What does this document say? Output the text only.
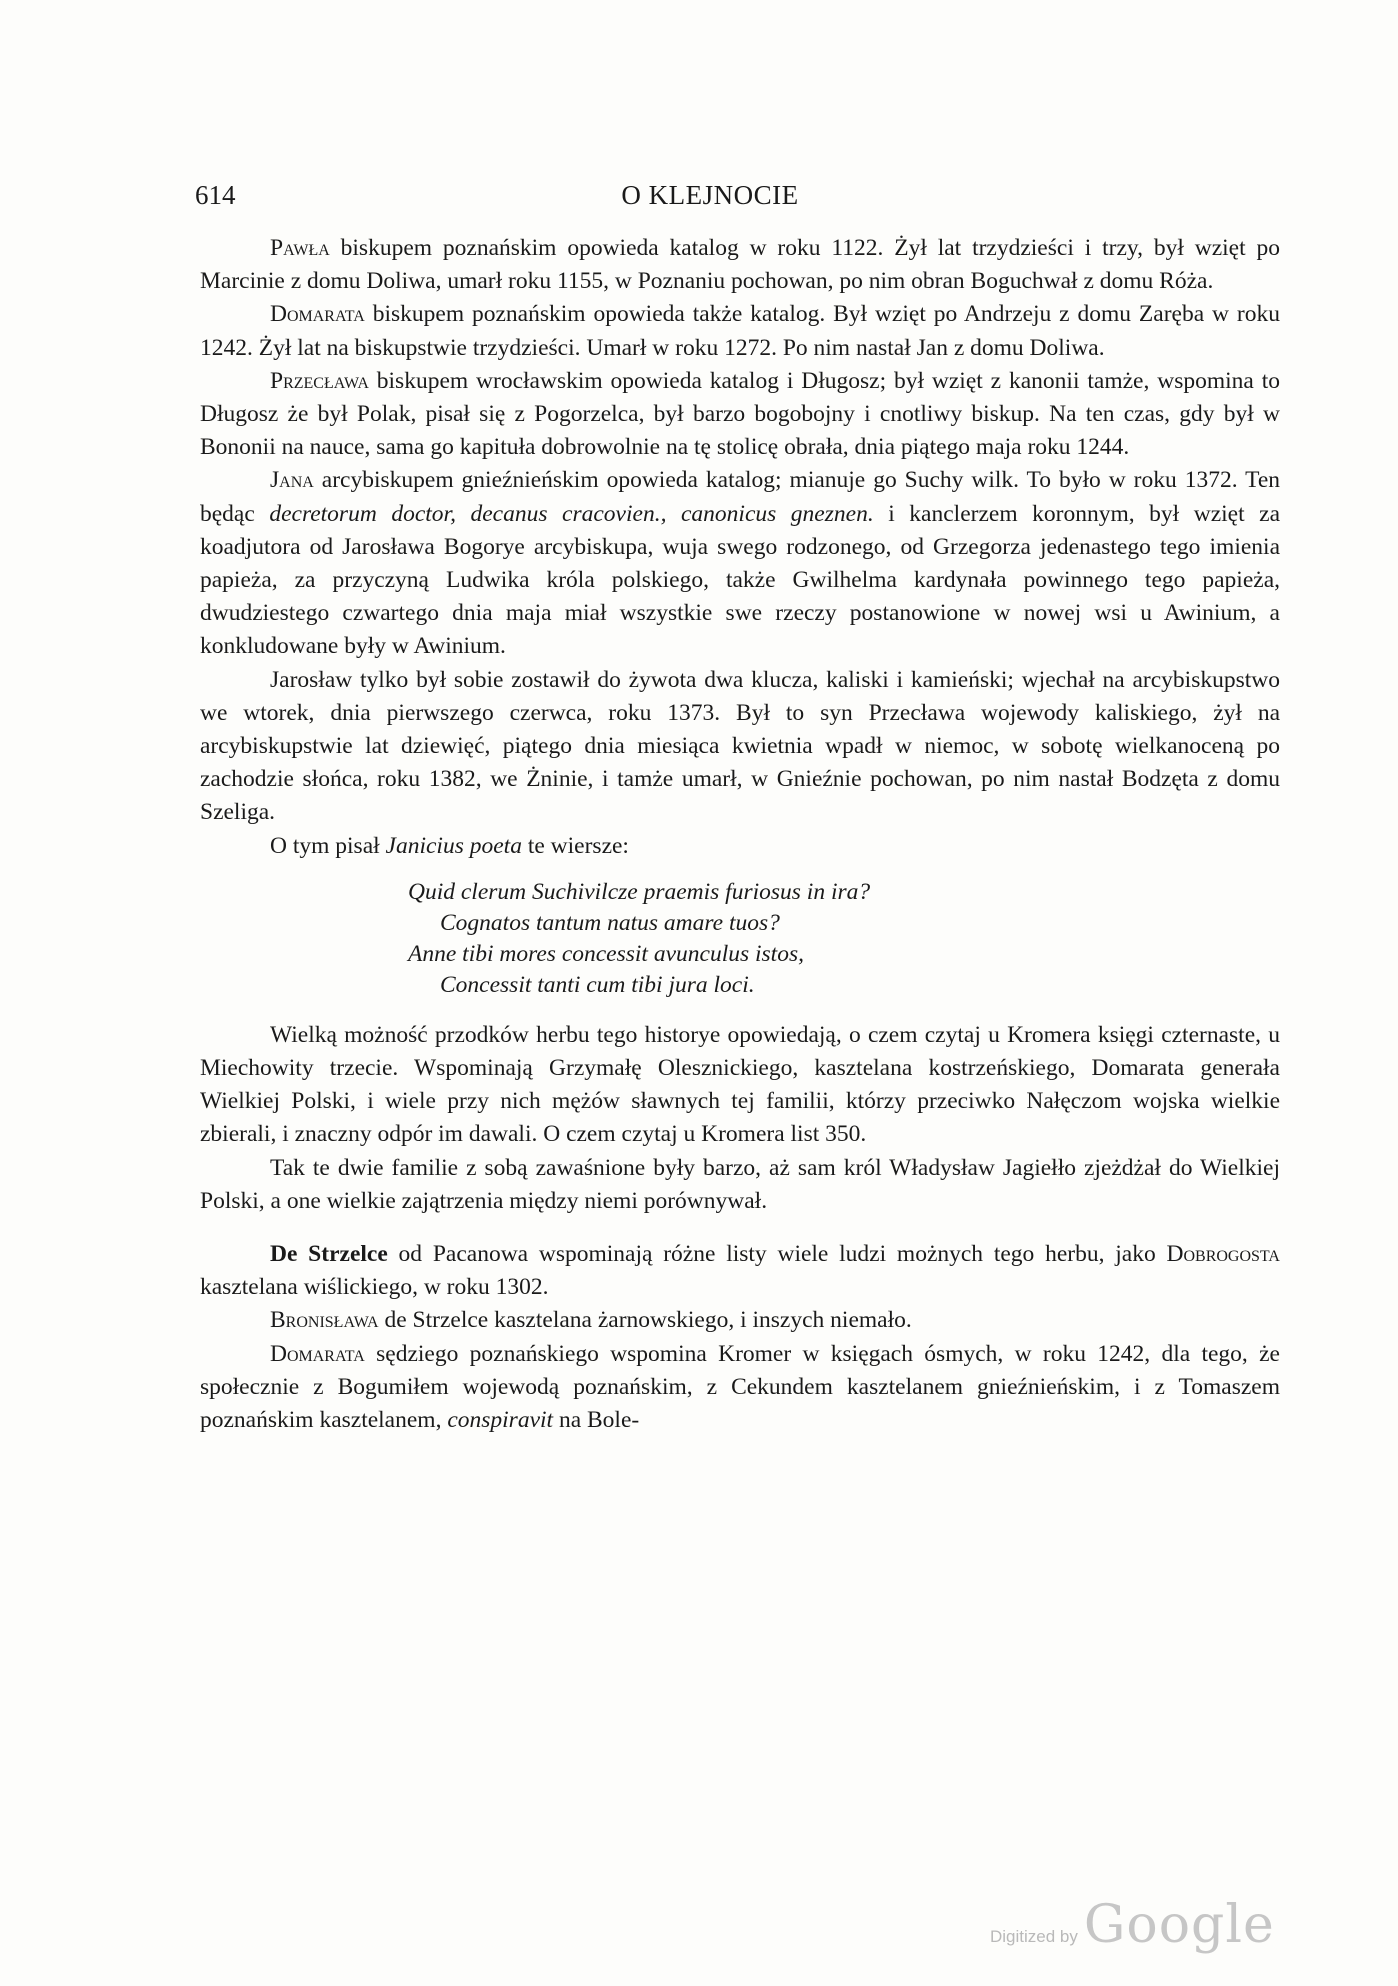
614	O KLEJNOCIE

Pawła biskupem poznańskim opowieda katalog w roku 1122. Żył lat trzydzieści i trzy, był wzięt po Marcinie z domu Doliwa, umarł roku 1155, w Poznaniu pochowan, po nim obran Boguchwał z domu Róża.

Domarata biskupem poznańskim opowieda także katalog. Był wzięt po Andrzeju z domu Zaręba w roku 1242. Żył lat na biskupstwie trzydzieści. Umarł w roku 1272. Po nim nastał Jan z domu Doliwa.

Przecława biskupem wrocławskim opowieda katalog i Długosz; był wzięt z kanonii tamże, wspomina to Długosz że był Polak, pisał się z Pogorzelca, był barzo bogobojny i cnotliwy biskup. Na ten czas, gdy był w Bononii na nauce, sama go kapituła dobrowolnie na tę stolicę obrała, dnia piątego maja roku 1244.

Jana arcybiskupem gnieźnieńskim opowieda katalog; mianuje go Suchy wilk. To było w roku 1372. Ten będąc decretorum doctor, decanus cracovien., canonicus gneznen. i kanclerzem koronnym, był wzięt za koadjutora od Jarosława Bogorye arcybiskupa, wuja swego rodzonego, od Grzegorza jedenastego tego imienia papieża, za przyczyną Ludwika króla polskiego, także Gwilhelma kardynała powinnego tego papieża, dwudziestego czwartego dnia maja miał wszystkie swe rzeczy postanowione w nowej wsi u Awinium, a konkludowane były w Awinium.

Jarosław tylko był sobie zostawił do żywota dwa klucza, kaliski i kamieński; wjechał na arcybiskupstwo we wtorek, dnia pierwszego czerwca, roku 1373. Był to syn Przecława wojewody kaliskiego, żył na arcybiskupstwie lat dziewięć, piątego dnia miesiąca kwietnia wpadł w niemoc, w sobotę wielkanoceną po zachodzie słońca, roku 1382, we Żninie, i tamże umarł, w Gnieźnie pochowan, po nim nastał Bodzęta z domu Szeliga.

O tym pisał Janicius poeta te wiersze:

Quid clerum Suchivilcze praemis furiosus in ira?
Cognatos tantum natus amare tuos?
Anne tibi mores concessit avunculus istos,
Concessit tanti cum tibi jura loci.

Wielką możność przodków herbu tego historye opowiedają, o czem czytaj u Kromera księgi czternaste, u Miechowity trzecie. Wspominają Grzymałę Olesznickiego, kasztelana kostrzeńskiego, Domarata generała Wielkiej Polski, i wiele przy nich mężów sławnych tej familii, którzy przeciwko Nałęczom wojska wielkie zbierali, i znaczny odpór im dawali. O czem czytaj u Kromera list 350.

Tak te dwie familie z sobą zawaśnione były barzo, aż sam król Władysław Jagiełło zjeżdżał do Wielkiej Polski, a one wielkie zajątrzenia między niemi porównywał.

De Strzelce od Pacanowa wspominają różne listy wiele ludzi możnych tego herbu, jako Dobrogosta kasztelana wiślickiego, w roku 1302.

Bronisława de Strzelce kasztelana żarnowskiego, i inszych niemało.

Domarata sędziego poznańskiego wspomina Kromer w księgach ósmych, w roku 1242, dla tego, że społecznie z Bogumiłem wojewodą poznańskim, z Cekundem kasztelanem gnieźnieńskim, i z Tomaszem poznańskim kasztelanem, conspiravit na Bole-

Digitized by Google
